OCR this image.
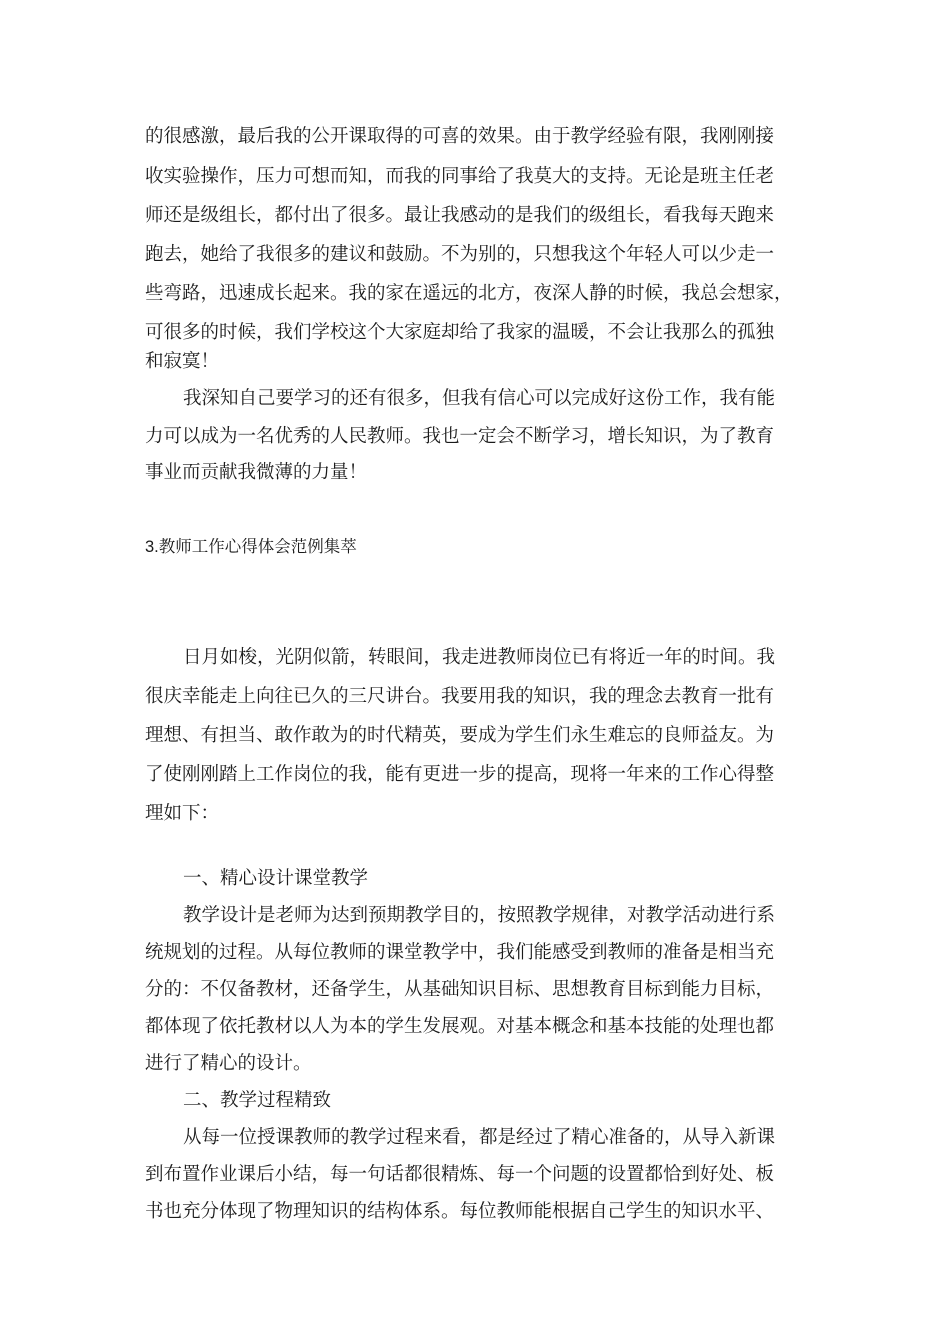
的很感激，最后我的公开课取得的可喜的效果。由于教学经验有限，我刚刚接
收实验操作，压力可想而知，而我的同事给了我莫大的支持。无论是班主任老
师还是级组长，都付出了很多。最让我感动的是我们的级组长，看我每天跑来
跑去，她给了我很多的建议和鼓励。不为别的，只想我这个年轻人可以少走一
些弯路，迅速成长起来。我的家在遥远的北方，夜深人静的时候，我总会想家，
可很多的时候，我们学校这个大家庭却给了我家的温暖，不会让我那么的孤独
和寂寞！
我深知自己要学习的还有很多，但我有信心可以完成好这份工作，我有能
力可以成为一名优秀的人民教师。我也一定会不断学习，增长知识，为了教育
事业而贡献我微薄的力量！
3.教师工作心得体会范例集萃
日月如梭，光阴似箭，转眼间，我走进教师岗位已有将近一年的时间。我
很庆幸能走上向往已久的三尺讲台。我要用我的知识，我的理念去教育一批有
理想、有担当、敢作敢为的时代精英，要成为学生们永生难忘的良师益友。为
了使刚刚踏上工作岗位的我，能有更进一步的提高，现将一年来的工作心得整
理如下：
一、精心设计课堂教学
教学设计是老师为达到预期教学目的，按照教学规律，对教学活动进行系
统规划的过程。从每位教师的课堂教学中，我们能感受到教师的准备是相当充
分的：不仅备教材，还备学生，从基础知识目标、思想教育目标到能力目标，
都体现了依托教材以人为本的学生发展观。对基本概念和基本技能的处理也都
进行了精心的设计。
二、教学过程精致
从每一位授课教师的教学过程来看，都是经过了精心准备的，从导入新课
到布置作业课后小结，每一句话都很精炼、每一个问题的设置都恰到好处、板
书也充分体现了物理知识的结构体系。每位教师能根据自己学生的知识水平、
